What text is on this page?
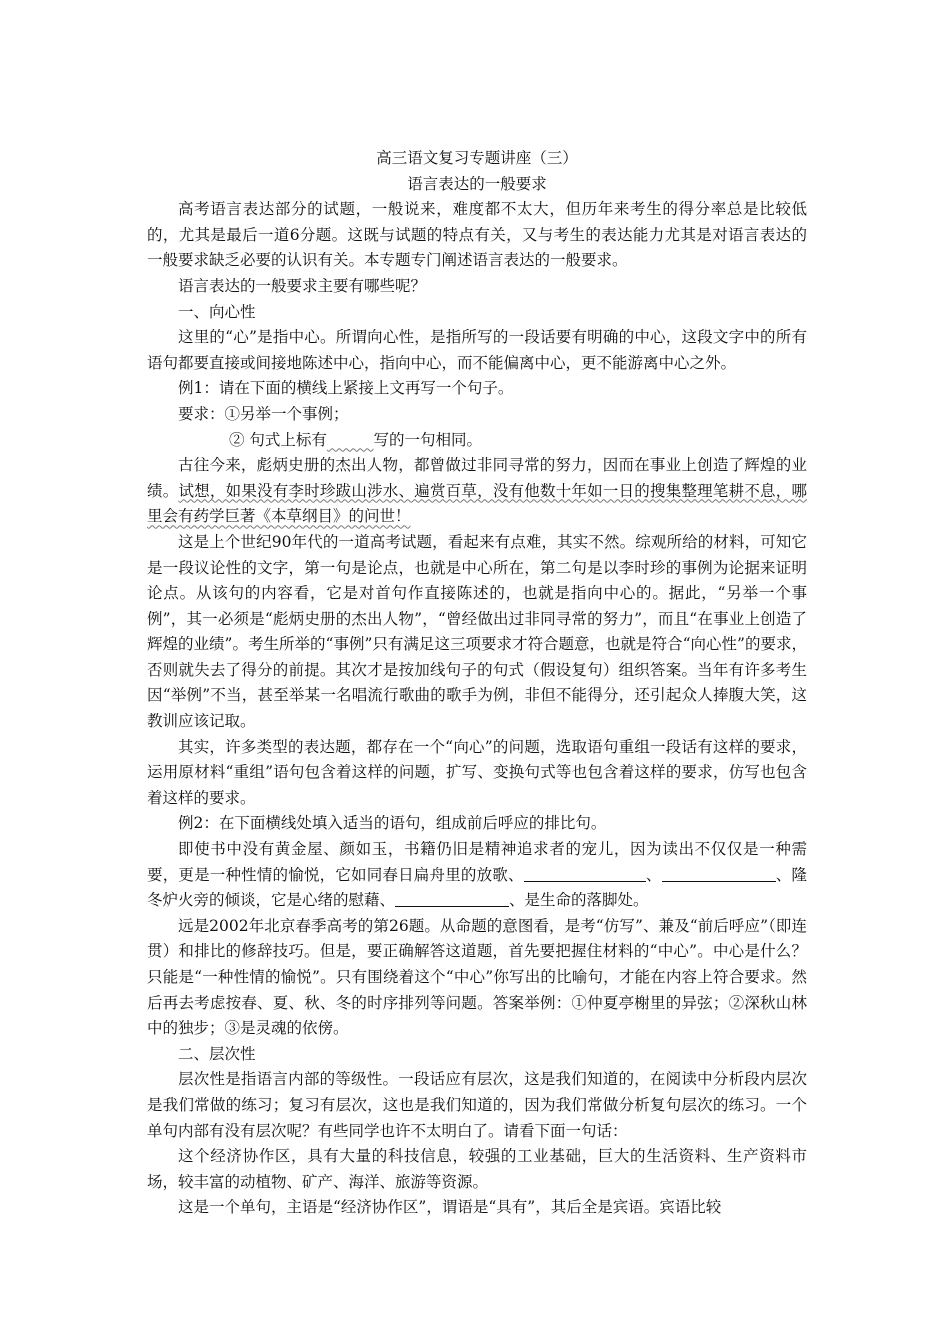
高三语文复习专题讲座（三）
语言表达的一般要求

高考语言表达部分的试题，一般说来，难度都不太大，但历年来考生的得分率总是比较低的，尤其是最后一道6分题。这既与试题的特点有关，又与考生的表达能力尤其是对语言表达的一般要求缺乏必要的认识有关。本专题专门阐述语言表达的一般要求。

语言表达的一般要求主要有哪些呢？

一、向心性

这里的“心”是指中心。所谓向心性，是指所写的一段话要有明确的中心，这段文字中的所有语句都要直接或间接地陈述中心，指向中心，而不能偏离中心，更不能游离中心之外。

例1：请在下面的横线上紧接上文再写一个句子。

要求：①另举一个事例；

② 句式上标有　　　	写的一句相同。

古往今来，彪炳史册的杰出人物，都曾做过非同寻常的努力，因而在事业上创造了辉煌的业绩。试想，如果没有李时珍跋山涉水、遍赏百草，没有他数十年如一日的搜集整理笔耕不息，哪里会有药学巨著《本草纲目》的问世！

这是上个世纪90年代的一道高考试题，看起来有点难，其实不然。综观所给的材料，可知它是一段议论性的文字，第一句是论点，也就是中心所在，第二句是以李时珍的事例为论据来证明论点。从该句的内容看，它是对首句作直接陈述的，也就是指向中心的。据此，“另举一个事例”，其一必须是“彪炳史册的杰出人物”，“曾经做出过非同寻常的努力”，而且“在事业上创造了辉煌的业绩”。考生所举的“事例”只有满足这三项要求才符合题意，也就是符合“向心性”的要求，否则就失去了得分的前提。其次才是按加线句子的句式（假设复句）组织答案。当年有许多考生因“举例”不当，甚至举某一名唱流行歌曲的歌手为例，非但不能得分，还引起众人捧腹大笑，这教训应该记取。

其实，许多类型的表达题，都存在一个“向心”的问题，选取语句重组一段话有这样的要求，运用原材料“重组”语句包含着这样的问题，扩写、变换句式等也包含着这样的要求，仿写也包含着这样的要求。

例2：在下面横线处填入适当的语句，组成前后呼应的排比句。

即使书中没有黄金屋、颜如玉，书籍仍旧是精神追求者的宠儿，因为读出不仅仅是一种需要，更是一种性情的愉悦，它如同春日扁舟里的放歌、	、	、隆冬炉火旁的倾谈，它是心绪的慰藉、	、是生命的落脚处。

远是2002年北京春季高考的第26题。从命题的意图看，是考“仿写”、兼及“前后呼应”（即连贯）和排比的修辞技巧。但是，要正确解答这道题，首先要把握住材料的“中心”。中心是什么？只能是“一种性情的愉悦”。只有围绕着这个“中心”你写出的比喻句，才能在内容上符合要求。然后再去考虑按春、夏、秋、冬的时序排列等问题。答案举例：①仲夏亭榭里的异弦；②深秋山林中的独步；③是灵魂的依傍。

二、层次性

层次性是指语言内部的等级性。一段话应有层次，这是我们知道的，在阅读中分析段内层次是我们常做的练习；复习有层次，这也是我们知道的，因为我们常做分析复句层次的练习。一个单句内部有没有层次呢？有些同学也许不太明白了。请看下面一句话：

这个经济协作区，具有大量的科技信息，较强的工业基础，巨大的生活资料、生产资料市场，较丰富的动植物、矿产、海洋、旅游等资源。

这是一个单句，主语是“经济协作区”，谓语是“具有”，其后全是宾语。宾语比较
